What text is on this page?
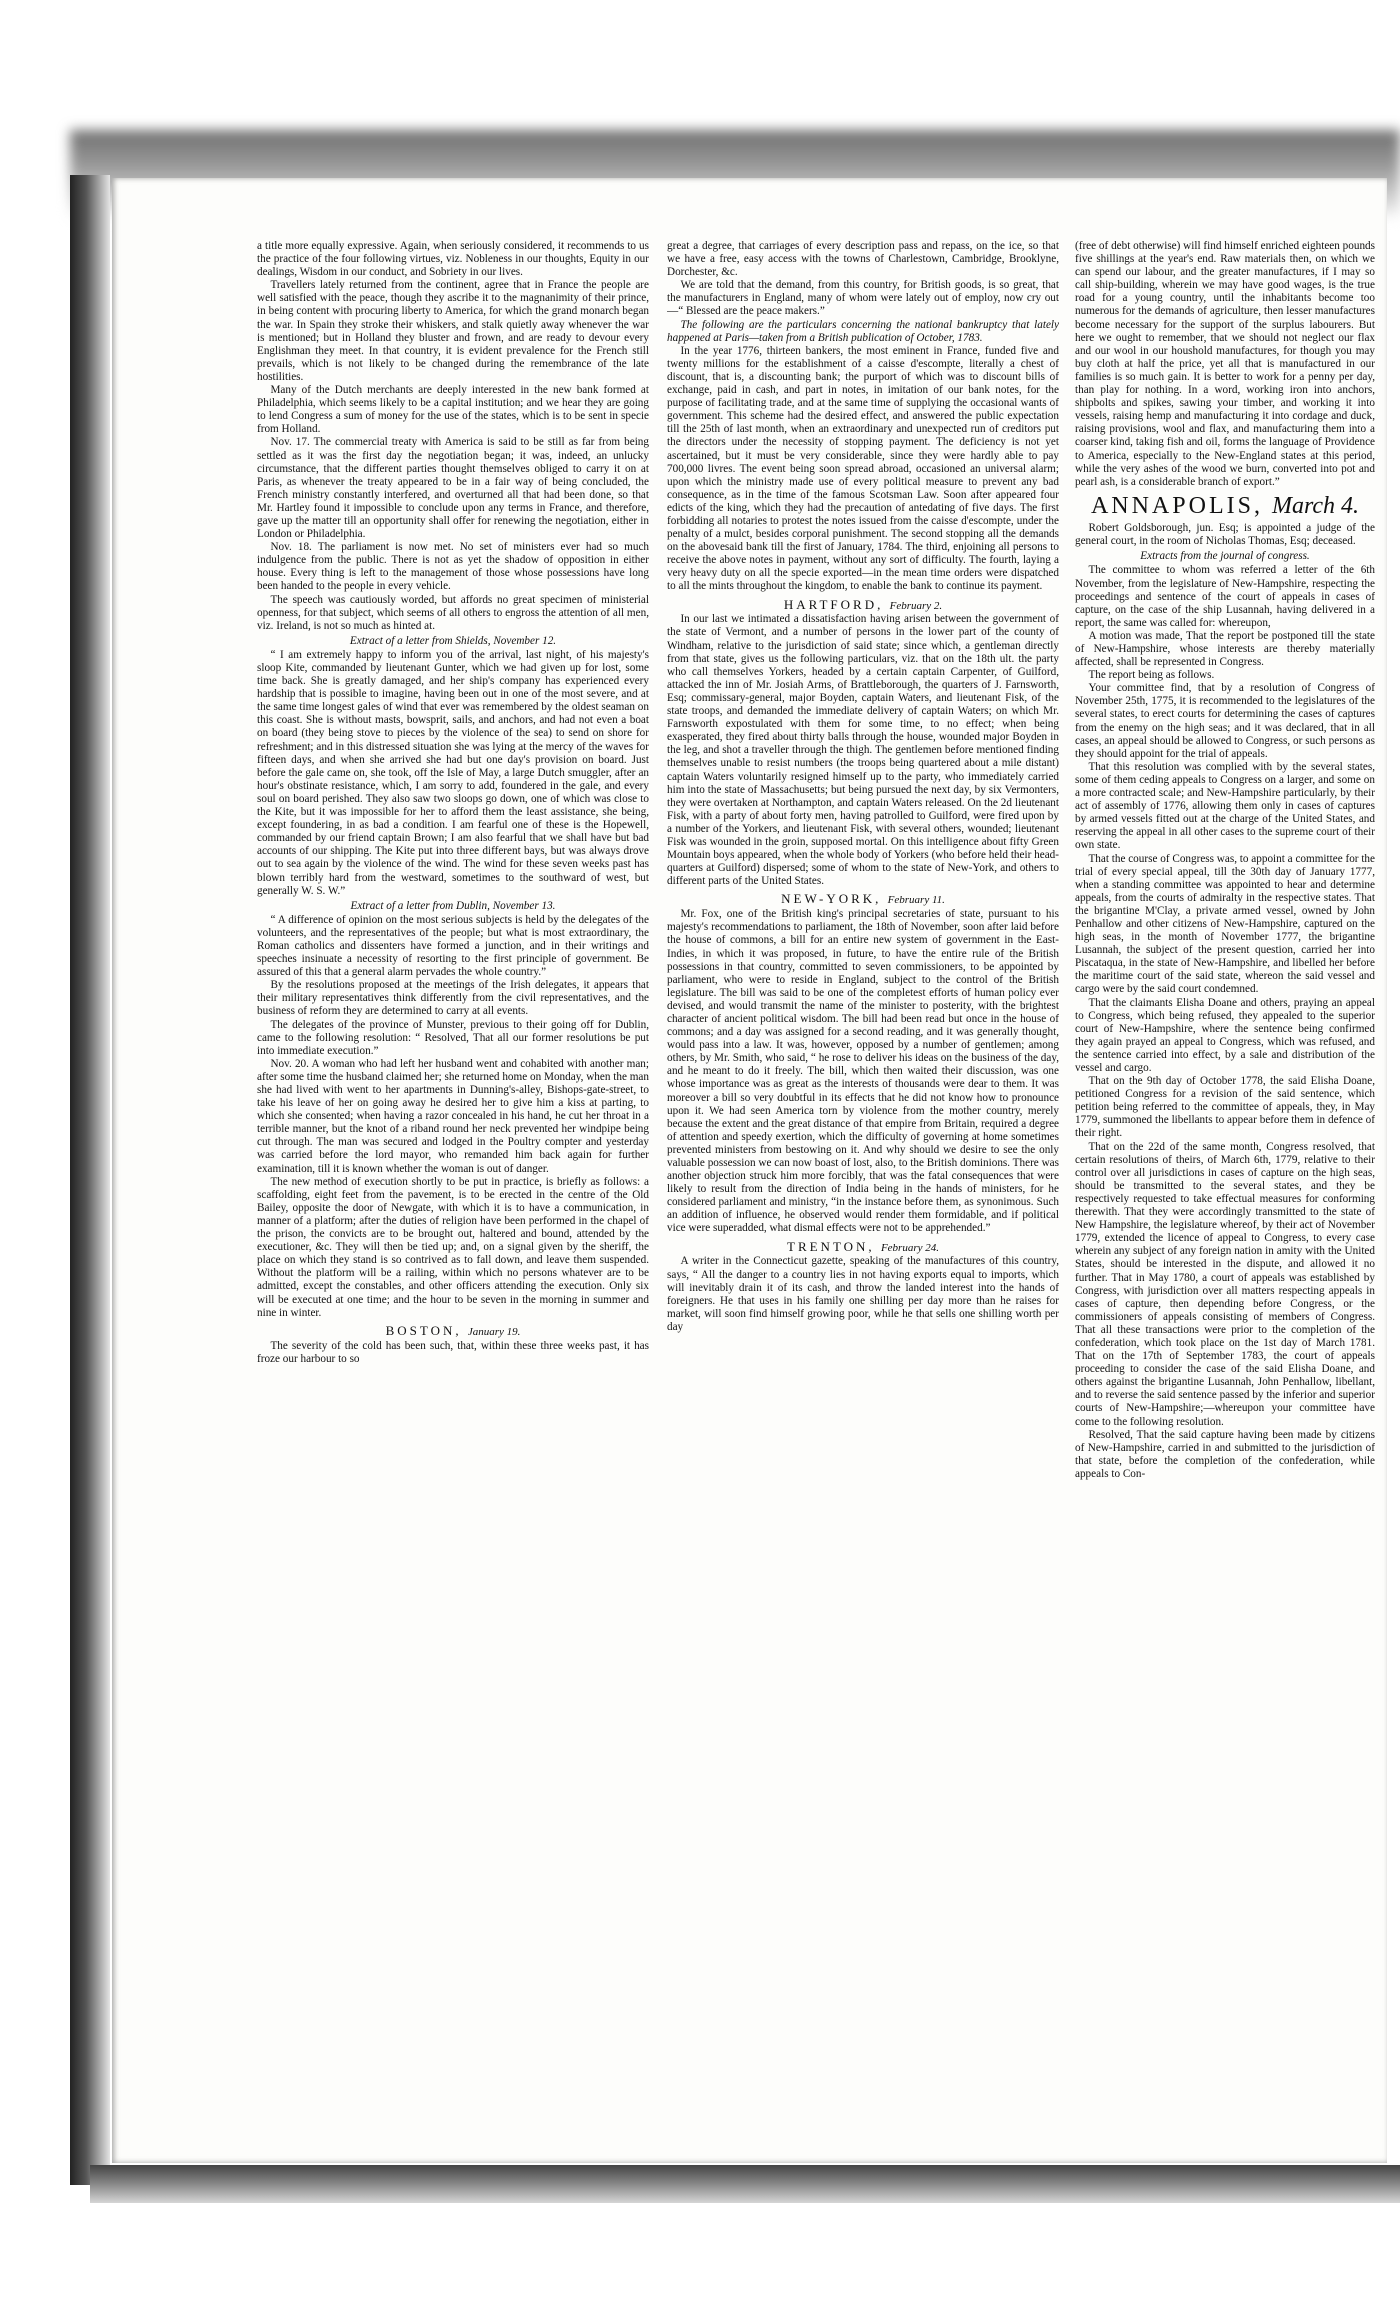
a title more equally expressive. Again, when seriously considered, it recommends to us the practice of the four following virtues, viz. Nobleness in our thoughts, Equity in our dealings, Wisdom in our conduct, and Sobriety in our lives.

Travellers lately returned from the continent, agree that in France the people are well satisfied with the peace, though they ascribe it to the magnanimity of their prince, in being content with procuring liberty to America, for which the grand monarch began the war. In Spain they stroke their whiskers, and stalk quietly away whenever the war is mentioned; but in Holland they bluster and frown, and are ready to devour every Englishman they meet. In that country, it is evident prevalence for the French still prevails, which is not likely to be changed during the remembrance of the late hostilities.

Many of the Dutch merchants are deeply interested in the new bank formed at Philadelphia, which seems likely to be a capital institution; and we hear they are going to lend Congress a sum of money for the use of the states, which is to be sent in specie from Holland.

Nov. 17. The commercial treaty with America is said to be still as far from being settled as it was the first day the negotiation began; it was, indeed, an unlucky circumstance, that the different parties thought themselves obliged to carry it on at Paris, as whenever the treaty appeared to be in a fair way of being concluded, the French ministry constantly interfered, and overturned all that had been done, so that Mr. Hartley found it impossible to conclude upon any terms in France, and therefore, gave up the matter till an opportunity shall offer for renewing the negotiation, either in London or Philadelphia.

Nov. 18. The parliament is now met. No set of ministers ever had so much indulgence from the public. There is not as yet the shadow of opposition in either house. Every thing is left to the management of those whose possessions have long been handed to the people in every vehicle.

The speech was cautiously worded, but affords no great specimen of ministerial openness, for that subject, which seems of all others to engross the attention of all men, viz. Ireland, is not so much as hinted at.

Extract of a letter from Shields, November 12.

“ I am extremely happy to inform you of the arrival, last night, of his majesty's sloop Kite, commanded by lieutenant Gunter, which we had given up for lost, some time back. She is greatly damaged, and her ship's company has experienced every hardship that is possible to imagine, having been out in one of the most severe, and at the same time longest gales of wind that ever was remembered by the oldest seaman on this coast. She is without masts, bowsprit, sails, and anchors, and had not even a boat on board (they being stove to pieces by the violence of the sea) to send on shore for refreshment; and in this distressed situation she was lying at the mercy of the waves for fifteen days, and when she arrived she had but one day's provision on board. Just before the gale came on, she took, off the Isle of May, a large Dutch smuggler, after an hour's obstinate resistance, which, I am sorry to add, foundered in the gale, and every soul on board perished. They also saw two sloops go down, one of which was close to the Kite, but it was impossible for her to afford them the least assistance, she being, except foundering, in as bad a condition. I am fearful one of these is the Hopewell, commanded by our friend captain Brown; I am also fearful that we shall have but bad accounts of our shipping. The Kite put into three different bays, but was always drove out to sea again by the violence of the wind. The wind for these seven weeks past has blown terribly hard from the westward, sometimes to the southward of west, but generally W. S. W.”

Extract of a letter from Dublin, November 13.

“ A difference of opinion on the most serious subjects is held by the delegates of the volunteers, and the representatives of the people; but what is most extraordinary, the Roman catholics and dissenters have formed a junction, and in their writings and speeches insinuate a necessity of resorting to the first principle of government. Be assured of this that a general alarm pervades the whole country.”

By the resolutions proposed at the meetings of the Irish delegates, it appears that their military representatives think differently from the civil representatives, and the business of reform they are determined to carry at all events.

The delegates of the province of Munster, previous to their going off for Dublin, came to the following resolution: “ Resolved, That all our former resolutions be put into immediate execution.”

Nov. 20. A woman who had left her husband went and cohabited with another man; after some time the husband claimed her; she returned home on Monday, when the man she had lived with went to her apartments in Dunning's-alley, Bishops-gate-street, to take his leave of her on going away he desired her to give him a kiss at parting, to which she consented; when having a razor concealed in his hand, he cut her throat in a terrible manner, but the knot of a riband round her neck prevented her windpipe being cut through. The man was secured and lodged in the Poultry compter and yesterday was carried before the lord mayor, who remanded him back again for further examination, till it is known whether the woman is out of danger.

The new method of execution shortly to be put in practice, is briefly as follows: a scaffolding, eight feet from the pavement, is to be erected in the centre of the Old Bailey, opposite the door of Newgate, with which it is to have a communication, in manner of a platform; after the duties of religion have been performed in the chapel of the prison, the convicts are to be brought out, haltered and bound, attended by the executioner, &c. They will then be tied up; and, on a signal given by the sheriff, the place on which they stand is so contrived as to fall down, and leave them suspended. Without the platform will be a railing, within which no persons whatever are to be admitted, except the constables, and other officers attending the execution. Only six will be executed at one time; and the hour to be seven in the morning in summer and nine in winter.

BOSTON, January 19.

The severity of the cold has been such, that, within these three weeks past, it has froze our harbour to so

great a degree, that carriages of every description pass and repass, on the ice, so that we have a free, easy access with the towns of Charlestown, Cambridge, Brooklyne, Dorchester, &c.

We are told that the demand, from this country, for British goods, is so great, that the manufacturers in England, many of whom were lately out of employ, now cry out—“ Blessed are the peace makers.”

The following are the particulars concerning the national bankruptcy that lately happened at Paris—taken from a British publication of October, 1783.

In the year 1776, thirteen bankers, the most eminent in France, funded five and twenty millions for the establishment of a caisse d'escompte, literally a chest of discount, that is, a discounting bank; the purport of which was to discount bills of exchange, paid in cash, and part in notes, in imitation of our bank notes, for the purpose of facilitating trade, and at the same time of supplying the occasional wants of government. This scheme had the desired effect, and answered the public expectation till the 25th of last month, when an extraordinary and unexpected run of creditors put the directors under the necessity of stopping payment. The deficiency is not yet ascertained, but it must be very considerable, since they were hardly able to pay 700,000 livres. The event being soon spread abroad, occasioned an universal alarm; upon which the ministry made use of every political measure to prevent any bad consequence, as in the time of the famous Scotsman Law. Soon after appeared four edicts of the king, which they had the precaution of antedating of five days. The first forbidding all notaries to protest the notes issued from the caisse d'escompte, under the penalty of a mulct, besides corporal punishment. The second stopping all the demands on the abovesaid bank till the first of January, 1784. The third, enjoining all persons to receive the above notes in payment, without any sort of difficulty. The fourth, laying a very heavy duty on all the specie exported—in the mean time orders were dispatched to all the mints throughout the kingdom, to enable the bank to continue its payment.

HARTFORD, February 2.

In our last we intimated a dissatisfaction having arisen between the government of the state of Vermont, and a number of persons in the lower part of the county of Windham, relative to the jurisdiction of said state; since which, a gentleman directly from that state, gives us the following particulars, viz. that on the 18th ult. the party who call themselves Yorkers, headed by a certain captain Carpenter, of Guilford, attacked the inn of Mr. Josiah Arms, of Brattleborough, the quarters of J. Farnsworth, Esq; commissary-general, major Boyden, captain Waters, and lieutenant Fisk, of the state troops, and demanded the immediate delivery of captain Waters; on which Mr. Farnsworth expostulated with them for some time, to no effect; when being exasperated, they fired about thirty balls through the house, wounded major Boyden in the leg, and shot a traveller through the thigh. The gentlemen before mentioned finding themselves unable to resist numbers (the troops being quartered about a mile distant) captain Waters voluntarily resigned himself up to the party, who immediately carried him into the state of Massachusetts; but being pursued the next day, by six Vermonters, they were overtaken at Northampton, and captain Waters released. On the 2d lieutenant Fisk, with a party of about forty men, having patrolled to Guilford, were fired upon by a number of the Yorkers, and lieutenant Fisk, with several others, wounded; lieutenant Fisk was wounded in the groin, supposed mortal. On this intelligence about fifty Green Mountain boys appeared, when the whole body of Yorkers (who before held their head-quarters at Guilford) dispersed; some of whom to the state of New-York, and others to different parts of the United States.

NEW-YORK, February 11.

Mr. Fox, one of the British king's principal secretaries of state, pursuant to his majesty's recommendations to parliament, the 18th of November, soon after laid before the house of commons, a bill for an entire new system of government in the East-Indies, in which it was proposed, in future, to have the entire rule of the British possessions in that country, committed to seven commissioners, to be appointed by parliament, who were to reside in England, subject to the control of the British legislature. The bill was said to be one of the completest efforts of human policy ever devised, and would transmit the name of the minister to posterity, with the brightest character of ancient political wisdom. The bill had been read but once in the house of commons; and a day was assigned for a second reading, and it was generally thought, would pass into a law. It was, however, opposed by a number of gentlemen; among others, by Mr. Smith, who said, “ he rose to deliver his ideas on the business of the day, and he meant to do it freely. The bill, which then waited their discussion, was one whose importance was as great as the interests of thousands were dear to them. It was moreover a bill so very doubtful in its effects that he did not know how to pronounce upon it. We had seen America torn by violence from the mother country, merely because the extent and the great distance of that empire from Britain, required a degree of attention and speedy exertion, which the difficulty of governing at home sometimes prevented ministers from bestowing on it. And why should we desire to see the only valuable possession we can now boast of lost, also, to the British dominions. There was another objection struck him more forcibly, that was the fatal consequences that were likely to result from the direction of India being in the hands of ministers, for he considered parliament and ministry, “in the instance before them, as synonimous. Such an addition of influence, he observed would render them formidable, and if political vice were superadded, what dismal effects were not to be apprehended.”

TRENTON, February 24.

A writer in the Connecticut gazette, speaking of the manufactures of this country, says, “ All the danger to a country lies in not having exports equal to imports, which will inevitably drain it of its cash, and throw the landed interest into the hands of foreigners. He that uses in his family one shilling per day more than he raises for market, will soon find himself growing poor, while he that sells one shilling worth per day

(free of debt otherwise) will find himself enriched eighteen pounds five shillings at the year's end. Raw materials then, on which we can spend our labour, and the greater manufactures, if I may so call ship-building, wherein we may have good wages, is the true road for a young country, until the inhabitants become too numerous for the demands of agriculture, then lesser manufactures become necessary for the support of the surplus labourers. But here we ought to remember, that we should not neglect our flax and our wool in our houshold manufactures, for though you may buy cloth at half the price, yet all that is manufactured in our families is so much gain. It is better to work for a penny per day, than play for nothing. In a word, working iron into anchors, shipbolts and spikes, sawing your timber, and working it into vessels, raising hemp and manufacturing it into cordage and duck, raising provisions, wool and flax, and manufacturing them into a coarser kind, taking fish and oil, forms the language of Providence to America, especially to the New-England states at this period, while the very ashes of the wood we burn, converted into pot and pearl ash, is a considerable branch of export.”

ANNAPOLIS, March 4.

Robert Goldsborough, jun. Esq; is appointed a judge of the general court, in the room of Nicholas Thomas, Esq; deceased.

Extracts from the journal of congress.

The committee to whom was referred a letter of the 6th November, from the legislature of New-Hampshire, respecting the proceedings and sentence of the court of appeals in cases of capture, on the case of the ship Lusannah, having delivered in a report, the same was called for: whereupon,

A motion was made, That the report be postponed till the state of New-Hampshire, whose interests are thereby materially affected, shall be represented in Congress.

The report being as follows.

Your committee find, that by a resolution of Congress of November 25th, 1775, it is recommended to the legislatures of the several states, to erect courts for determining the cases of captures from the enemy on the high seas; and it was declared, that in all cases, an appeal should be allowed to Congress, or such persons as they should appoint for the trial of appeals.

That this resolution was complied with by the several states, some of them ceding appeals to Congress on a larger, and some on a more contracted scale; and New-Hampshire particularly, by their act of assembly of 1776, allowing them only in cases of captures by armed vessels fitted out at the charge of the United States, and reserving the appeal in all other cases to the supreme court of their own state.

That the course of Congress was, to appoint a committee for the trial of every special appeal, till the 30th day of January 1777, when a standing committee was appointed to hear and determine appeals, from the courts of admiralty in the respective states. That the brigantine M'Clay, a private armed vessel, owned by John Penhallow and other citizens of New-Hampshire, captured on the high seas, in the month of November 1777, the brigantine Lusannah, the subject of the present question, carried her into Piscataqua, in the state of New-Hampshire, and libelled her before the maritime court of the said state, whereon the said vessel and cargo were by the said court condemned.

That the claimants Elisha Doane and others, praying an appeal to Congress, which being refused, they appealed to the superior court of New-Hampshire, where the sentence being confirmed they again prayed an appeal to Congress, which was refused, and the sentence carried into effect, by a sale and distribution of the vessel and cargo.

That on the 9th day of October 1778, the said Elisha Doane, petitioned Congress for a revision of the said sentence, which petition being referred to the committee of appeals, they, in May 1779, summoned the libellants to appear before them in defence of their right.

That on the 22d of the same month, Congress resolved, that certain resolutions of theirs, of March 6th, 1779, relative to their control over all jurisdictions in cases of capture on the high seas, should be transmitted to the several states, and they be respectively requested to take effectual measures for conforming therewith. That they were accordingly transmitted to the state of New Hampshire, the legislature whereof, by their act of November 1779, extended the licence of appeal to Congress, to every case wherein any subject of any foreign nation in amity with the United States, should be interested in the dispute, and allowed it no further. That in May 1780, a court of appeals was established by Congress, with jurisdiction over all matters respecting appeals in cases of capture, then depending before Congress, or the commissioners of appeals consisting of members of Congress. That all these transactions were prior to the completion of the confederation, which took place on the 1st day of March 1781. That on the 17th of September 1783, the court of appeals proceeding to consider the case of the said Elisha Doane, and others against the brigantine Lusannah, John Penhallow, libellant, and to reverse the said sentence passed by the inferior and superior courts of New-Hampshire;—whereupon your committee have come to the following resolution.

Resolved, That the said capture having been made by citizens of New-Hampshire, carried in and submitted to the jurisdiction of that state, before the completion of the confederation, while appeals to Con-
